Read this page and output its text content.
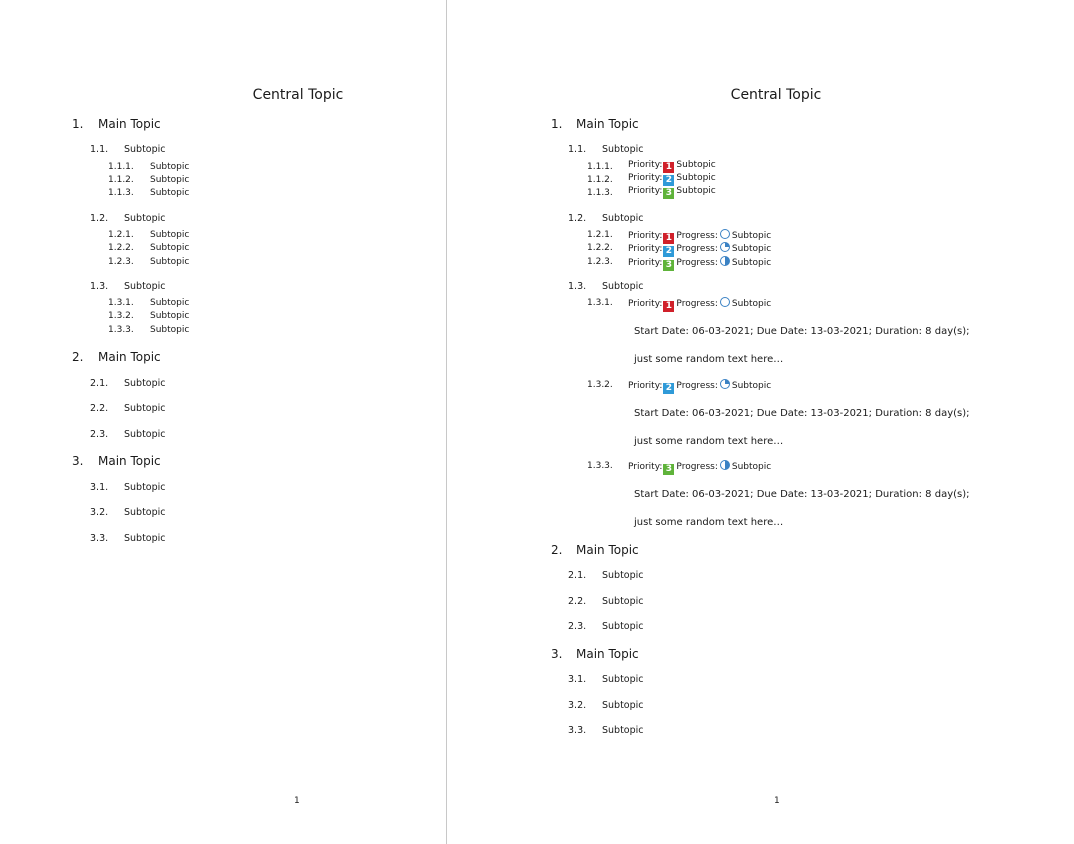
Central Topic
1. Main Topic
1.1. Subtopic
1.1.1. Subtopic
1.1.2. Subtopic
1.1.3. Subtopic
1.2. Subtopic
1.2.1. Subtopic
1.2.2. Subtopic
1.2.3. Subtopic
1.3. Subtopic
1.3.1. Subtopic
1.3.2. Subtopic
1.3.3. Subtopic
2. Main Topic
2.1. Subtopic
2.2. Subtopic
2.3. Subtopic
3. Main Topic
3.1. Subtopic
3.2. Subtopic
3.3. Subtopic
1
Central Topic
1. Main Topic
1.1. Subtopic
1.1.1. Priority: 1 Subtopic
1.1.2. Priority: 2 Subtopic
1.1.3. Priority: 3 Subtopic
1.2. Subtopic
1.2.1. Priority: 1 Progress: Subtopic
1.2.2. Priority: 2 Progress: Subtopic
1.2.3. Priority: 3 Progress: Subtopic
1.3. Subtopic
1.3.1. Priority: 1 Progress: Subtopic
Start Date: 06-03-2021; Due Date: 13-03-2021; Duration: 8 day(s);
just some random text here…
1.3.2. Priority: 2 Progress: Subtopic
Start Date: 06-03-2021; Due Date: 13-03-2021; Duration: 8 day(s);
just some random text here…
1.3.3. Priority: 3 Progress: Subtopic
Start Date: 06-03-2021; Due Date: 13-03-2021; Duration: 8 day(s);
just some random text here…
2. Main Topic
2.1. Subtopic
2.2. Subtopic
2.3. Subtopic
3. Main Topic
3.1. Subtopic
3.2. Subtopic
3.3. Subtopic
1
